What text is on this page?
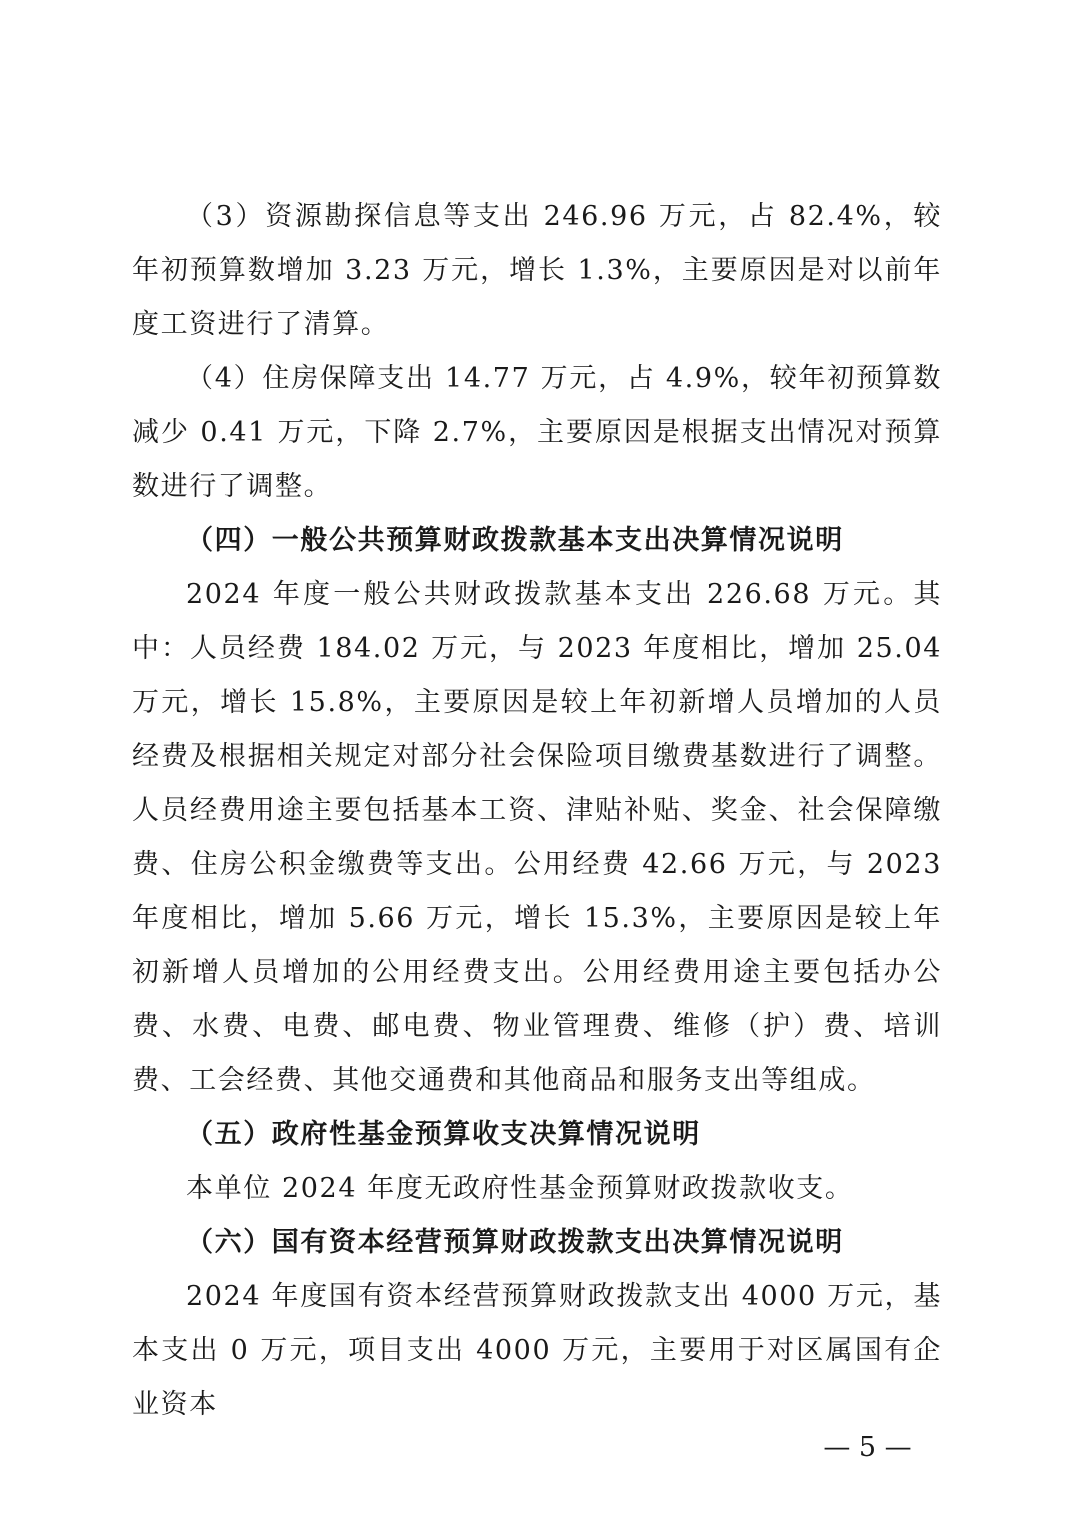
（3）资源勘探信息等支出 246.96 万元，占 82.4%，较年初预算数增加 3.23 万元，增长 1.3%，主要原因是对以前年度工资进行了清算。

（4）住房保障支出 14.77 万元，占 4.9%，较年初预算数减少 0.41 万元，下降 2.7%，主要原因是根据支出情况对预算数进行了调整。

（四）一般公共预算财政拨款基本支出决算情况说明

2024 年度一般公共财政拨款基本支出 226.68 万元。其中：人员经费 184.02 万元，与 2023 年度相比，增加 25.04 万元，增长 15.8%，主要原因是较上年初新增人员增加的人员经费及根据相关规定对部分社会保险项目缴费基数进行了调整。人员经费用途主要包括基本工资、津贴补贴、奖金、社会保障缴费、住房公积金缴费等支出。公用经费 42.66 万元，与 2023 年度相比，增加 5.66 万元，增长 15.3%，主要原因是较上年初新增人员增加的公用经费支出。公用经费用途主要包括办公费、水费、电费、邮电费、物业管理费、维修（护）费、培训费、工会经费、其他交通费和其他商品和服务支出等组成。

（五）政府性基金预算收支决算情况说明

本单位 2024 年度无政府性基金预算财政拨款收支。

（六）国有资本经营预算财政拨款支出决算情况说明

2024 年度国有资本经营预算财政拨款支出 4000 万元，基本支出 0 万元，项目支出 4000 万元，主要用于对区属国有企业资本

— 5 —
